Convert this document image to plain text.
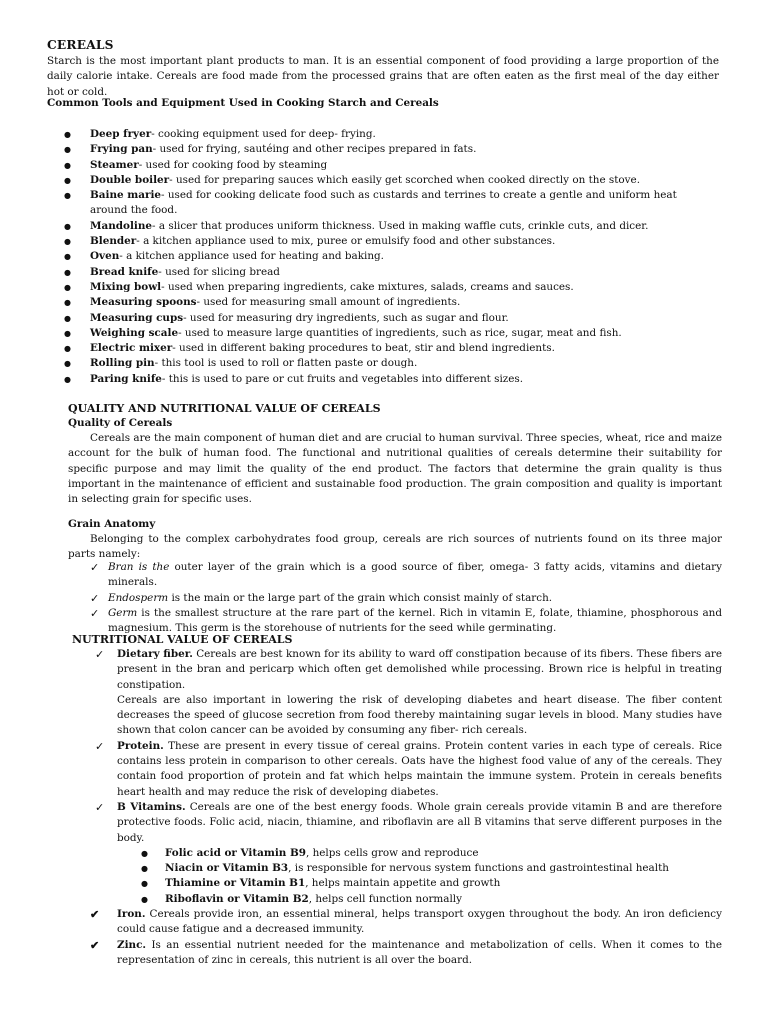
CEREALS
Starch is the most important plant products to man. It is an essential component of food providing a large proportion of the daily calorie intake. Cereals are food made from the processed grains that are often eaten as the first meal of the day either hot or cold.
Common Tools and Equipment Used in Cooking Starch and Cereals
● Deep fryer- cooking equipment used for deep- frying.
● Frying pan- used for frying, sautéing and other recipes prepared in fats.
● Steamer- used for cooking food by steaming
● Double boiler- used for preparing sauces which easily get scorched when cooked directly on the stove.
● Baine marie- used for cooking delicate food such as custards and terrines to create a gentle and uniform heat around the food.
● Mandoline- a slicer that produces uniform thickness. Used in making waffle cuts, crinkle cuts, and dicer.
● Blender- a kitchen appliance used to mix, puree or emulsify food and other substances.
● Oven- a kitchen appliance used for heating and baking.
● Bread knife- used for slicing bread
● Mixing bowl- used when preparing ingredients, cake mixtures, salads, creams and sauces.
● Measuring spoons- used for measuring small amount of ingredients.
● Measuring cups- used for measuring dry ingredients, such as sugar and flour.
● Weighing scale- used to measure large quantities of ingredients, such as rice, sugar, meat and fish.
● Electric mixer- used in different baking procedures to beat, stir and blend ingredients.
● Rolling pin- this tool is used to roll or flatten paste or dough.
● Paring knife- this is used to pare or cut fruits and vegetables into different sizes.
QUALITY AND NUTRITIONAL VALUE OF CEREALS
Quality of Cereals
Cereals are the main component of human diet and are crucial to human survival. Three species, wheat, rice and maize account for the bulk of human food. The functional and nutritional qualities of cereals determine their suitability for specific purpose and may limit the quality of the end product. The factors that determine the grain quality is thus important in the maintenance of efficient and sustainable food production. The grain composition and quality is important in selecting grain for specific uses.
Grain Anatomy
Belonging to the complex carbohydrates food group, cereals are rich sources of nutrients found on its three major parts namely:
✓ Bran is the outer layer of the grain which is a good source of fiber, omega- 3 fatty acids, vitamins and dietary minerals.
✓ Endosperm is the main or the large part of the grain which consist mainly of starch.
✓ Germ is the smallest structure at the rare part of the kernel. Rich in vitamin E, folate, thiamine, phosphorous and magnesium. This germ is the storehouse of nutrients for the seed while germinating.
NUTRITIONAL VALUE OF CEREALS
✓ Dietary fiber. Cereals are best known for its ability to ward off constipation because of its fibers. These fibers are present in the bran and pericarp which often get demolished while processing. Brown rice is helpful in treating constipation.
Cereals are also important in lowering the risk of developing diabetes and heart disease. The fiber content decreases the speed of glucose secretion from food thereby maintaining sugar levels in blood. Many studies have shown that colon cancer can be avoided by consuming any fiber- rich cereals.
✓ Protein. These are present in every tissue of cereal grains. Protein content varies in each type of cereals. Rice contains less protein in comparison to other cereals. Oats have the highest food value of any of the cereals. They contain food proportion of protein and fat which helps maintain the immune system. Protein in cereals benefits heart health and may reduce the risk of developing diabetes.
✓ B Vitamins. Cereals are one of the best energy foods. Whole grain cereals provide vitamin B and are therefore protective foods. Folic acid, niacin, thiamine, and riboflavin are all B vitamins that serve different purposes in the body.
● Folic acid or Vitamin B9, helps cells grow and reproduce
● Niacin or Vitamin B3, is responsible for nervous system functions and gastrointestinal health
● Thiamine or Vitamin B1, helps maintain appetite and growth
● Riboflavin or Vitamin B2, helps cell function normally
✔ Iron. Cereals provide iron, an essential mineral, helps transport oxygen throughout the body. An iron deficiency could cause fatigue and a decreased immunity.
✔ Zinc. Is an essential nutrient needed for the maintenance and metabolization of cells. When it comes to the representation of zinc in cereals, this nutrient is all over the board.
